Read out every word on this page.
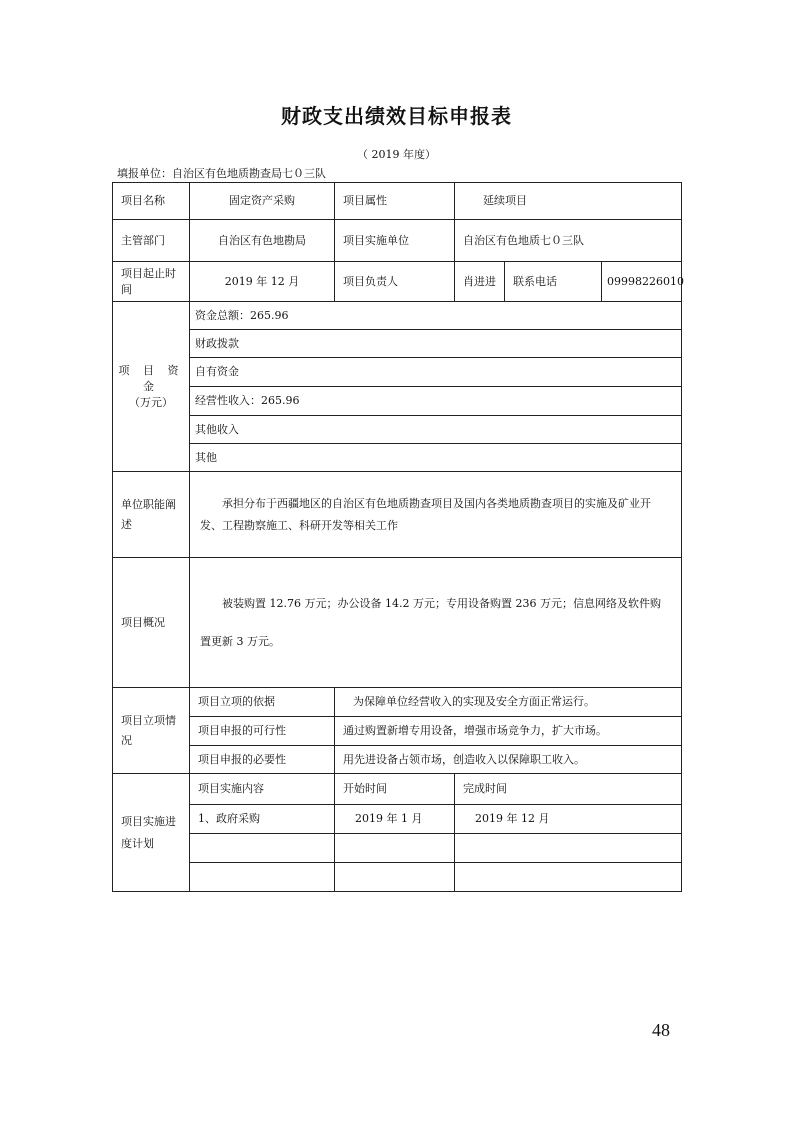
财政支出绩效目标申报表
（ 2019 年度）
填报单位：自治区有色地质勘查局七０三队
项目名称	固定资产采购	项目属性	延续项目		
主管部门	自治区有色地勘局	项目实施单位	自治区有色地质七０三队		
项目起止时间	2019 年 12 月	项目负责人	肖进进	联系电话	09998226010

项 目 资 金
（万元）	资金总额：265.96				
	财政拨款				
	自有资金				
	经营性收入：265.96				
	其他收入				
	其他				
单位职能阐述	承担分布于西疆地区的自治区有色地质勘查项目及国内各类地质勘查项目的实施及矿业开发、工程勘察施工、科研开发等相关工作				
项目概况	被装购置 12.76 万元；办公设备 14.2 万元；专用设备购置 236 万元；信息网络及软件购置更新 3 万元。				
项目立项情况	项目立项的依据	为保障单位经营收入的实现及安全方面正常运行。			
	项目申报的可行性	通过购置新增专用设备，增强市场竞争力，扩大市场。			
	项目申报的必要性	用先进设备占领市场，创造收入以保障职工收入。			
项目实施进度计划	项目实施内容	开始时间	完成时间		
	1、政府采购	2019 年 1 月	2019 年 12 月		

48
